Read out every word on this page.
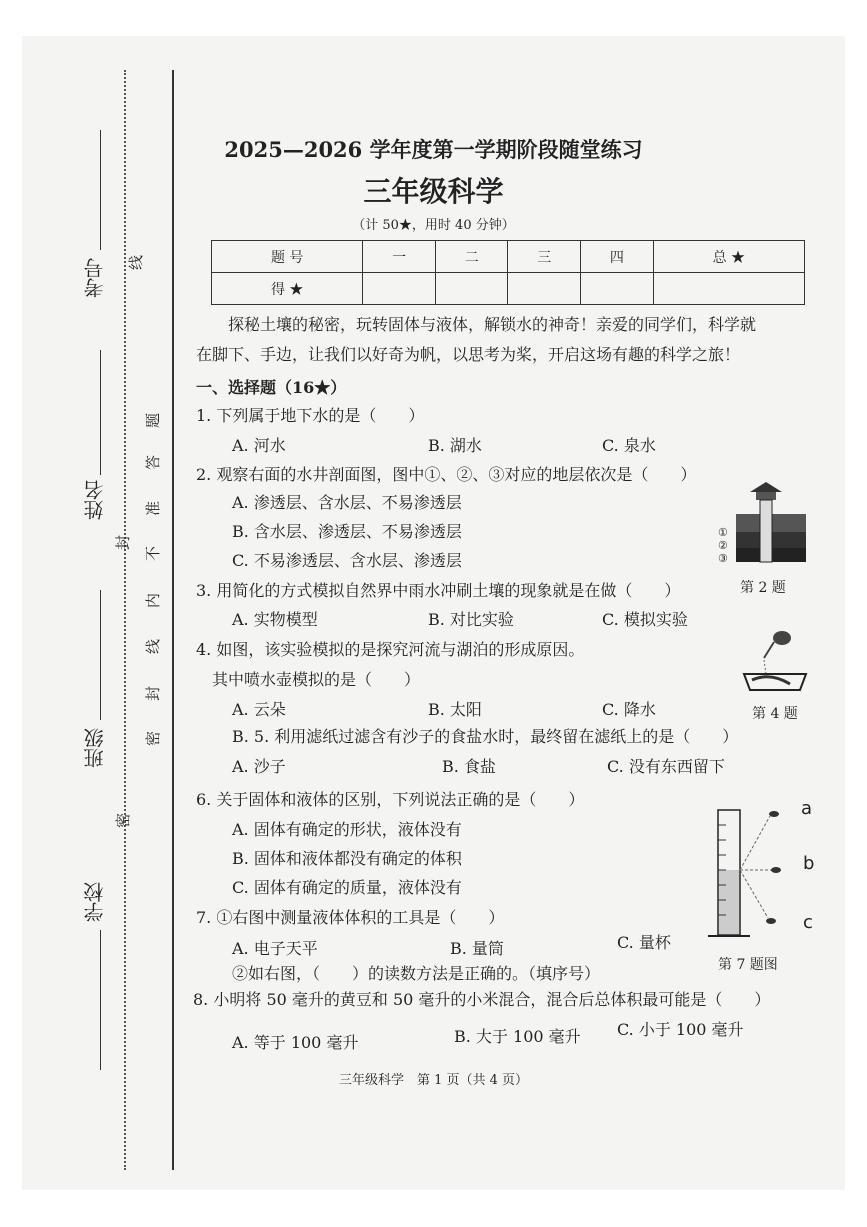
考号
姓名
班级
学校
线
封
密
题
答
准
不
内
线
封
密
2025—2026 学年度第一学期阶段随堂练习
三年级科学
（计 50★，用时 40 分钟）
题 号	一	二	三	四	总 ★
得 ★					
探秘土壤的秘密，玩转固体与液体，解锁水的神奇！亲爱的同学们，科学就
在脚下、手边，让我们以好奇为帆，以思考为桨，开启这场有趣的科学之旅！
一、选择题（16★）
1. 下列属于地下水的是（　　）
A. 河水	B. 湖水	C. 泉水
2. 观察右面的水井剖面图，图中①、②、③对应的地层依次是（　　）
A. 渗透层、含水层、不易渗透层
B. 含水层、渗透层、不易渗透层
C. 不易渗透层、含水层、渗透层
①
②
③
第 2 题
3. 用简化的方式模拟自然界中雨水冲刷土壤的现象就是在做（　　）
A. 实物模型	B. 对比实验	C. 模拟实验
4. 如图，该实验模拟的是探究河流与湖泊的形成原因。
其中喷水壶模拟的是（　　）
A. 云朵	B. 太阳	C. 降水	第 4 题
B. 5. 利用滤纸过滤含有沙子的食盐水时，最终留在滤纸上的是（　　）
A. 沙子	B. 食盐	C. 没有东西留下
6. 关于固体和液体的区别，下列说法正确的是（　　）
A. 固体有确定的形状，液体没有
B. 固体和液体都没有确定的体积
C. 固体有确定的质量，液体没有
a
b
c
第 7 题图
7. ①右图中测量液体体积的工具是（　　）
A. 电子天平	B. 量筒	C. 量杯
②如右图，（　　）的读数方法是正确的。（填序号）
8. 小明将 50 毫升的黄豆和 50 毫升的小米混合，混合后总体积最可能是（　　）
A. 等于 100 毫升	B. 大于 100 毫升 C. 小于 100 毫升
三年级科学　第 1 页（共 4 页）
